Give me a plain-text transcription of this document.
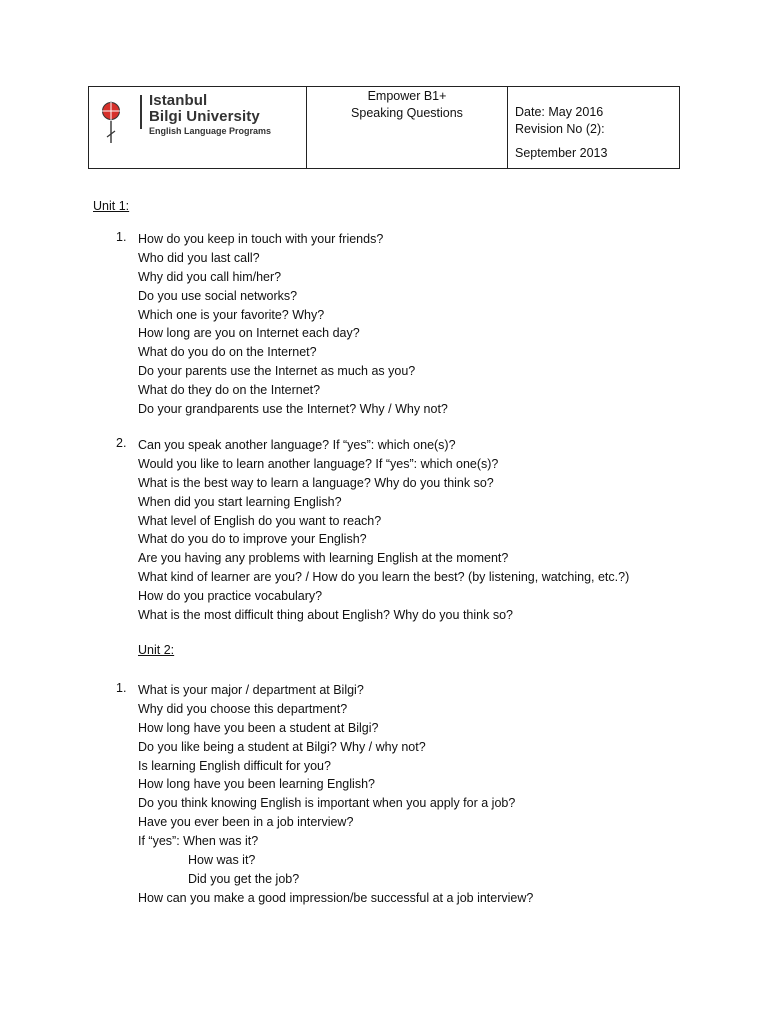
Istanbul
Bilgi University
English Language Programs
Empower B1+
Speaking Questions	Date: May 2016
Revision No (2):
September 2013
Unit 1:
1. How do you keep in touch with your friends?
Who did you last call?
Why did you call him/her?
Do you use social networks?
Which one is your favorite? Why?
How long are you on Internet each day?
What do you do on the Internet?
Do your parents use the Internet as much as you?
What do they do on the Internet?
Do your grandparents use the Internet? Why / Why not?
2. Can you speak another language? If “yes”: which one(s)?
Would you like to learn another language? If “yes”: which one(s)?
What is the best way to learn a language? Why do you think so?
When did you start learning English?
What level of English do you want to reach?
What do you do to improve your English?
Are you having any problems with learning English at the moment?
What kind of learner are you? / How do you learn the best? (by listening, watching, etc.?)
How do you practice vocabulary?
What is the most difficult thing about English? Why do you think so?
Unit 2:
1. What is your major / department at Bilgi?
Why did you choose this department?
How long have you been a student at Bilgi?
Do you like being a student at Bilgi? Why / why not?
Is learning English difficult for you?
How long have you been learning English?
Do you think knowing English is important when you apply for a job?
Have you ever been in a job interview?
If “yes”: When was it?
How was it?
Did you get the job?
How can you make a good impression/be successful at a job interview?
